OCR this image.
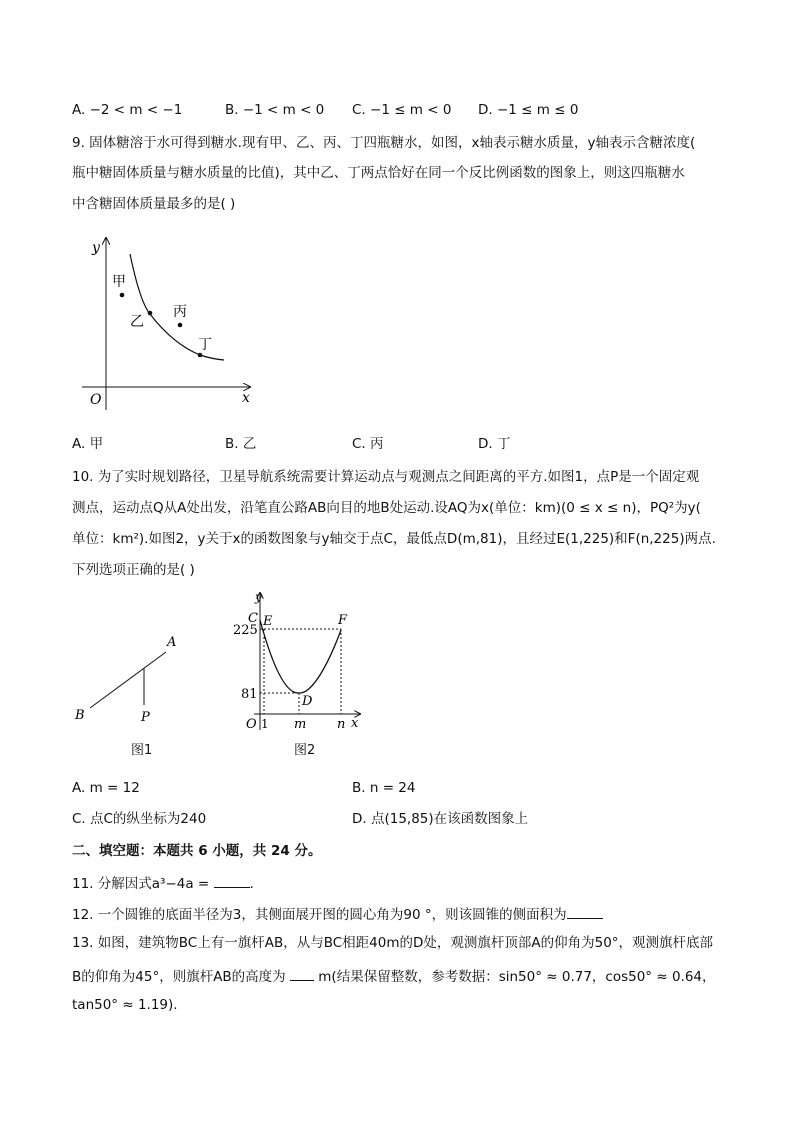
A. −2 < m < −1	B. −1 < m < 0 C. −1 ≤ m < 0 D. −1 ≤ m ≤ 0
9. 固体糖溶于水可得到糖水.现有甲、乙、丙、丁四瓶糖水，如图，x轴表示糖水质量，y轴表示含糖浓度(
瓶中糖固体质量与糖水质量的比值)，其中乙、丁两点恰好在同一个反比例函数的图象上，则这四瓶糖水
中含糖固体质量最多的是( )
y
x
O
甲
乙
丙
丁
A. 甲	B. 乙	C. 丙	D. 丁
10. 为了实时规划路径，卫星导航系统需要计算运动点与观测点之间距离的平方.如图1，点P是一个固定观
测点，运动点Q从A处出发，沿笔直公路AB向目的地B处运动.设AQ为x(单位：km)(0 ≤ x ≤ n)，PQ²为y(
单位：km²).如图2，y关于x的函数图象与y轴交于点C，最低点D(m,81)，且经过E(1,225)和F(n,225)两点.
下列选项正确的是( )
A
B	P
图1
y
C E	F
D
225
81
O 1 m n x
图2
A. m = 12	B. n = 24
C. 点C的纵坐标为240	D. 点(15,85)在该函数图象上
二、填空题：本题共 6 小题，共 24 分。
11. 分解因式a³−4a =	.
12. 一个圆锥的底面半径为3，其侧面展开图的圆心角为90 °，则该圆锥的侧面积为
13. 如图，建筑物BC上有一旗杆AB，从与BC相距40m的D处，观测旗杆顶部A的仰角为50°，观测旗杆底部
B的仰角为45°，则旗杆AB的高度为  m(结果保留整数，参考数据：sin50° ≈ 0.77，cos50° ≈ 0.64，
tan50° ≈ 1.19).
